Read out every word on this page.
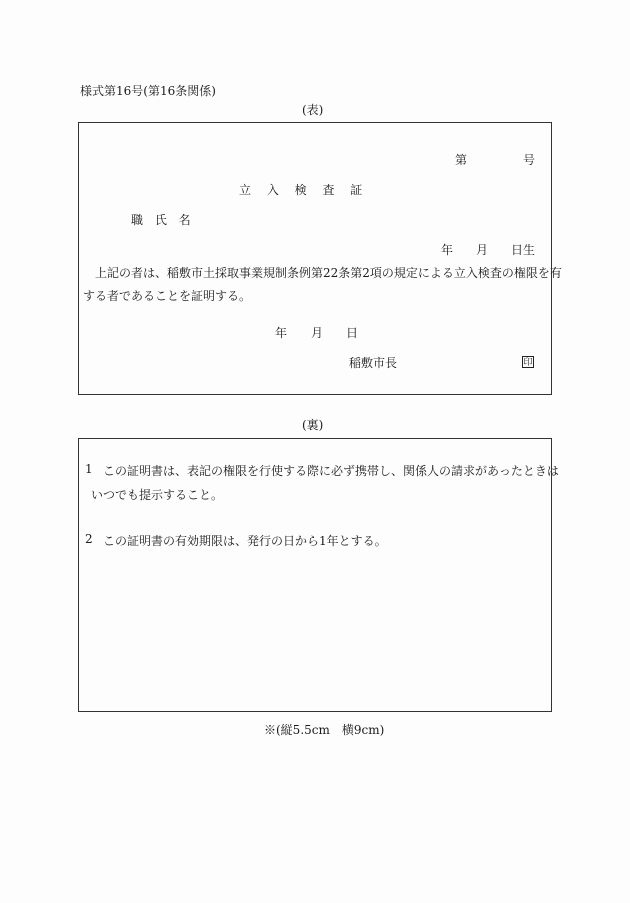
様式第16号(第16条関係)
(表)
第	号
立 入 検 査 証
職 氏 名
年 月 日生
上記の者は、稲敷市土採取事業規制条例第22条第2項の規定による立入検査の権限を有
する者であることを証明する。
年 月 日
稲敷市長	印
(裏)
1 この証明書は、表記の権限を行使する際に必ず携帯し、関係人の請求があったときは
いつでも提示すること。
2 この証明書の有効期限は、発行の日から1年とする。
※(縦5.5cm　横9cm)
